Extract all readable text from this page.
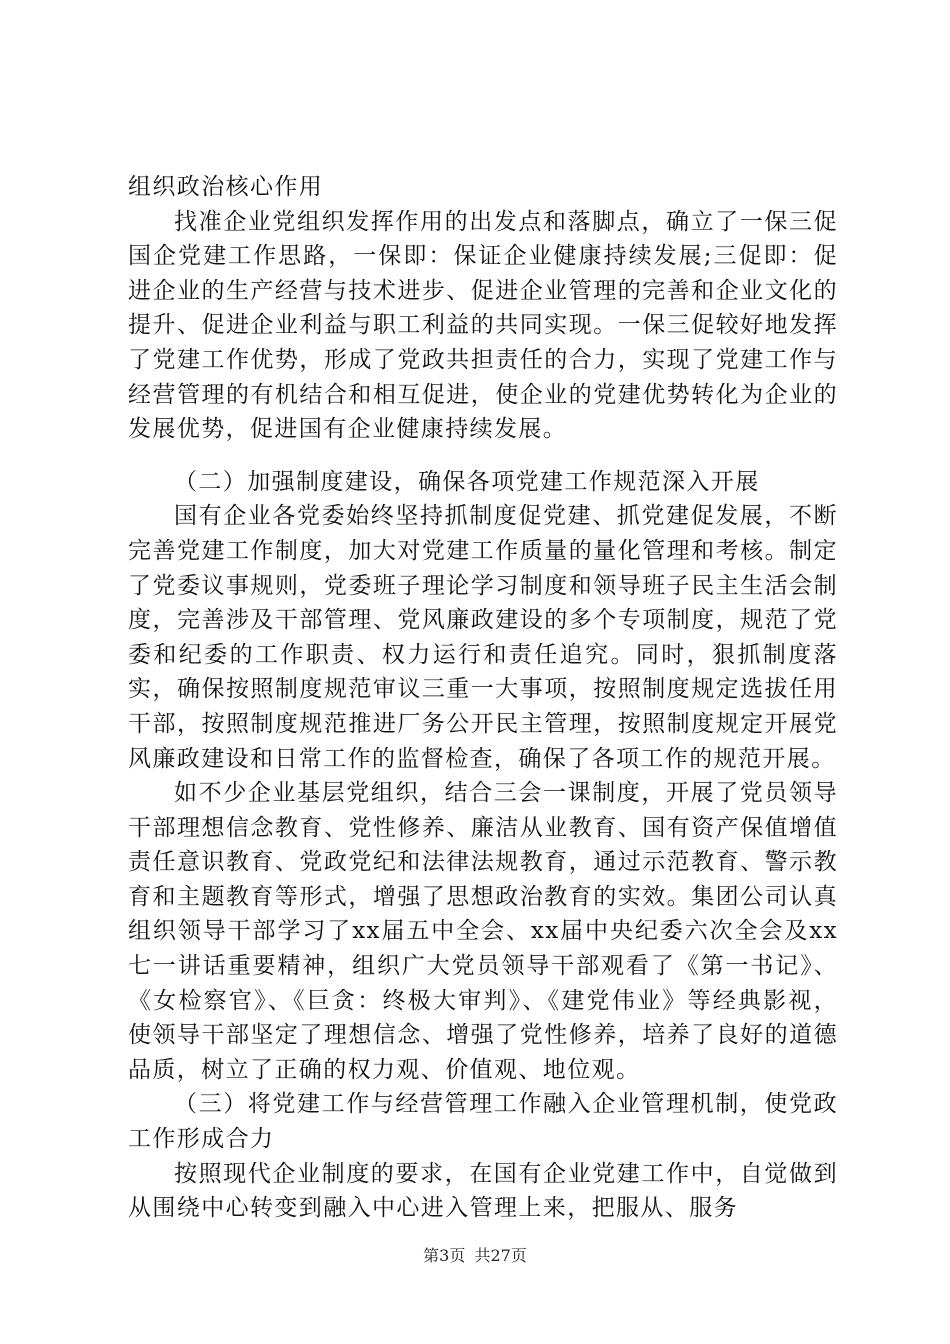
组织政治核心作用

找准企业党组织发挥作用的出发点和落脚点，确立了一保三促国企党建工作思路，一保即：保证企业健康持续发展;三促即：促进企业的生产经营与技术进步、促进企业管理的完善和企业文化的提升、促进企业利益与职工利益的共同实现。一保三促较好地发挥了党建工作优势，形成了党政共担责任的合力，实现了党建工作与经营管理的有机结合和相互促进，使企业的党建优势转化为企业的发展优势，促进国有企业健康持续发展。

（二）加强制度建设，确保各项党建工作规范深入开展

国有企业各党委始终坚持抓制度促党建、抓党建促发展，不断完善党建工作制度，加大对党建工作质量的量化管理和考核。制定了党委议事规则，党委班子理论学习制度和领导班子民主生活会制度，完善涉及干部管理、党风廉政建设的多个专项制度，规范了党委和纪委的工作职责、权力运行和责任追究。同时，狠抓制度落实，确保按照制度规范审议三重一大事项，按照制度规定选拔任用干部，按照制度规范推进厂务公开民主管理，按照制度规定开展党风廉政建设和日常工作的监督检查，确保了各项工作的规范开展。

如不少企业基层党组织，结合三会一课制度，开展了党员领导干部理想信念教育、党性修养、廉洁从业教育、国有资产保值增值责任意识教育、党政党纪和法律法规教育，通过示范教育、警示教育和主题教育等形式，增强了思想政治教育的实效。集团公司认真组织领导干部学习了xx届五中全会、xx届中央纪委六次全会及xx七一讲话重要精神，组织广大党员领导干部观看了《第一书记》、《女检察官》、《巨贪：终极大审判》、《建党伟业》等经典影视，使领导干部坚定了理想信念、增强了党性修养，培养了良好的道德品质，树立了正确的权力观、价值观、地位观。

（三）将党建工作与经营管理工作融入企业管理机制，使党政工作形成合力

按照现代企业制度的要求，在国有企业党建工作中，自觉做到从围绕中心转变到融入中心进入管理上来，把服从、服务

第3页 共27页
